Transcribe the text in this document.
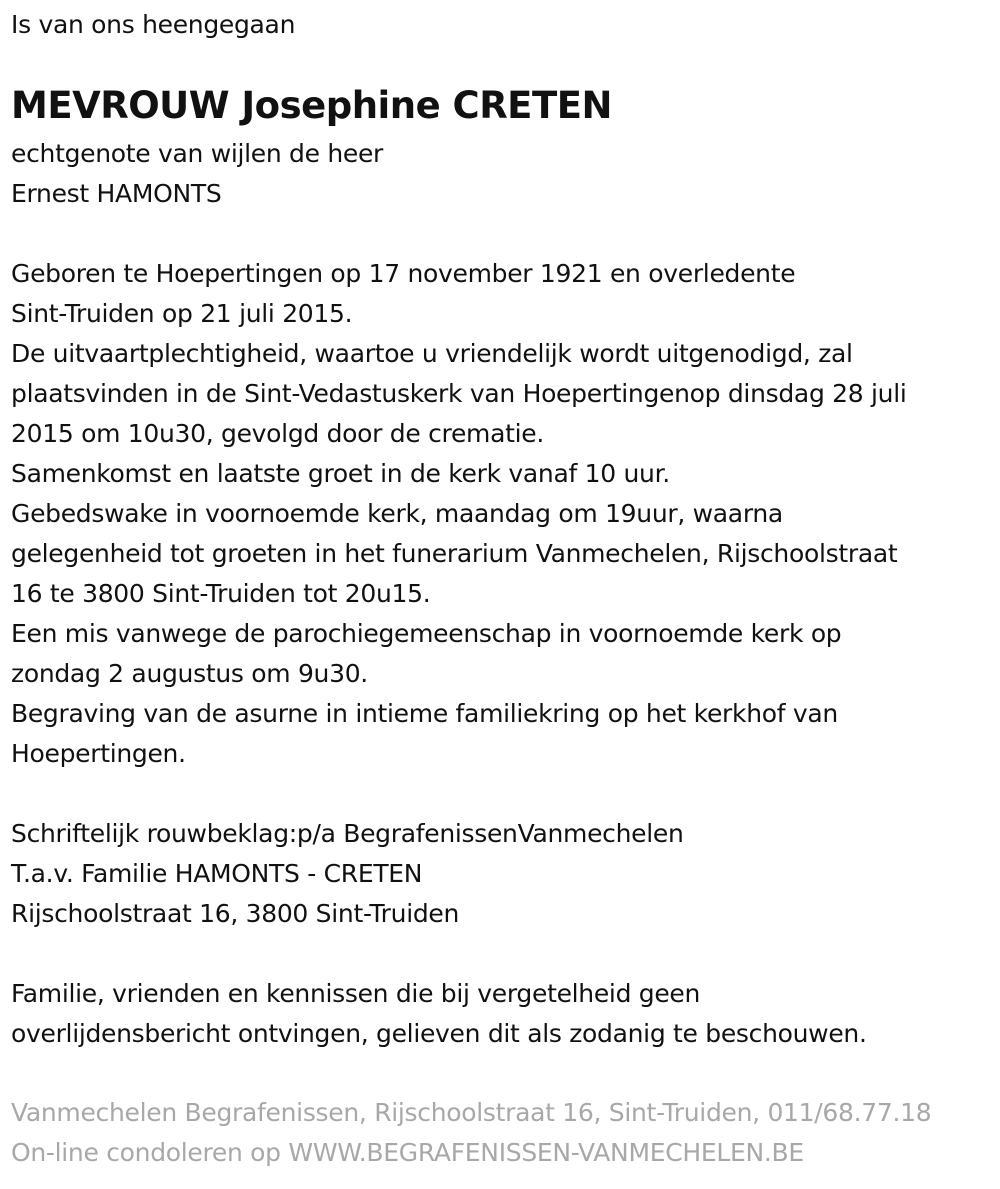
Is van ons heengegaan
MEVROUW Josephine CRETEN
echtgenote van wijlen de heer
Ernest HAMONTS
Geboren te Hoepertingen op 17 november 1921 en overledente
Sint-Truiden op 21 juli 2015.
De uitvaartplechtigheid, waartoe u vriendelijk wordt uitgenodigd, zal
plaatsvinden in de Sint-Vedastuskerk van Hoepertingenop dinsdag 28 juli
2015 om 10u30, gevolgd door de crematie.
Samenkomst en laatste groet in de kerk vanaf 10 uur.
Gebedswake in voornoemde kerk, maandag om 19uur, waarna
gelegenheid tot groeten in het funerarium Vanmechelen, Rijschoolstraat
16 te 3800 Sint-Truiden tot 20u15.
Een mis vanwege de parochiegemeenschap in voornoemde kerk op
zondag 2 augustus om 9u30.
Begraving van de asurne in intieme familiekring op het kerkhof van
Hoepertingen.
Schriftelijk rouwbeklag:p/a BegrafenissenVanmechelen
T.a.v. Familie HAMONTS - CRETEN
Rijschoolstraat 16, 3800 Sint-Truiden
Familie, vrienden en kennissen die bij vergetelheid geen
overlijdensbericht ontvingen, gelieven dit als zodanig te beschouwen.
Vanmechelen Begrafenissen, Rijschoolstraat 16, Sint-Truiden, 011/68.77.18
On-line condoleren op WWW.BEGRAFENISSEN-VANMECHELEN.BE
